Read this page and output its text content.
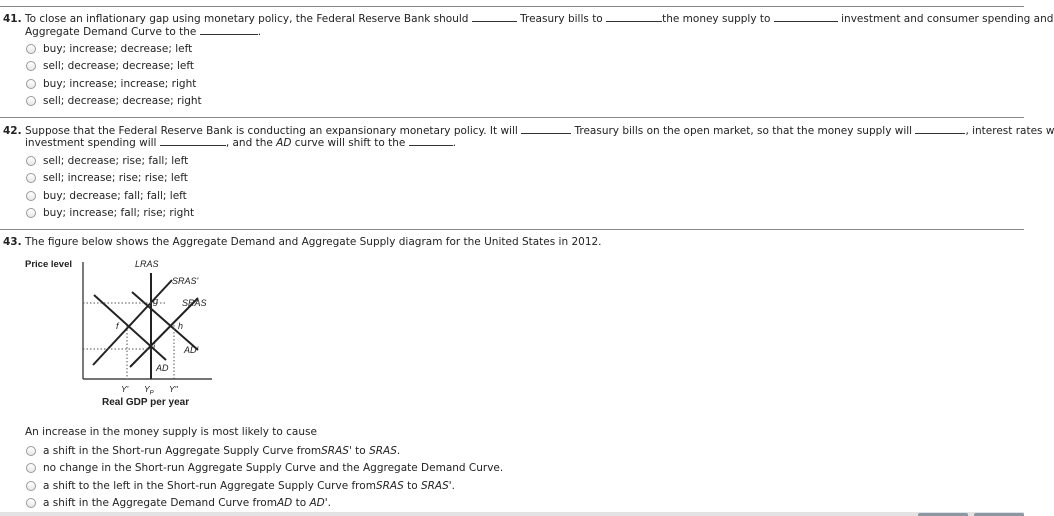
41. To close an inflationary gap using monetary policy, the Federal Reserve Bank should	Treasury bills to	the money supply to	investment and consumer spending and
Aggregate Demand Curve to the	.
buy; increase; decrease; left
sell; decrease; decrease; left
buy; increase; increase; right
sell; decrease; decrease; right
42. Suppose that the Federal Reserve Bank is conducting an expansionary monetary policy. It will	Treasury bills on the open market, so that the money supply will	, interest rates w
investment spending will	, and the AD curve will shift to the	.
sell; decrease; rise; fall; left
sell; increase; rise; rise; left
buy; decrease; fall; fall; left
buy; increase; fall; rise; right
43. The figure below shows the Aggregate Demand and Aggregate Supply diagram for the United States in 2012.
Price level	LRAS
SRAS'
SRAS
g
h
f
i	AD'
AD
Y' $Y_P$ Y"
Real GDP per year
An increase in the money supply is most likely to cause
a shift in the Short-run Aggregate Supply Curve from SRAS' to SRAS .
no change in the Short-run Aggregate Supply Curve and the Aggregate Demand Curve.
a shift to the left in the Short-run Aggregate Supply Curve from SRAS to SRAS' .
a shift in the Aggregate Demand Curve from AD to AD' .
